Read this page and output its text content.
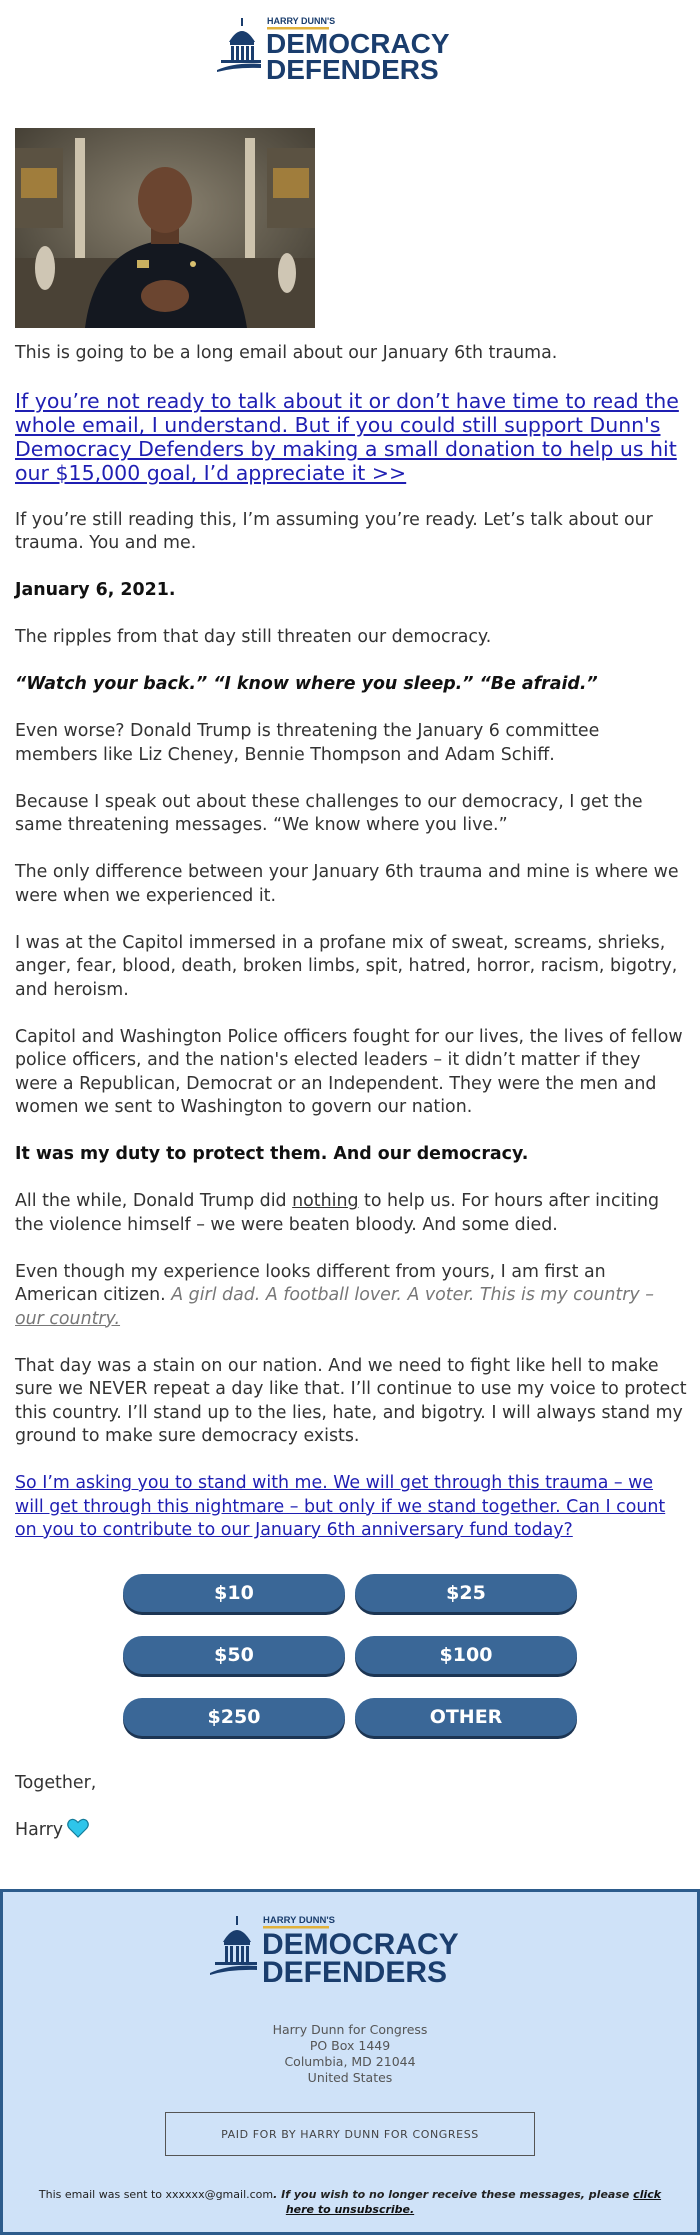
HARRY DUNN'S
DEMOCRACY
DEFENDERS

This is going to be a long email about our January 6th trauma.

If you’re not ready to talk about it or don’t have time to read the whole email, I understand. But if you could still support Dunn's Democracy Defenders by making a small donation to help us hit our $15,000 goal, I’d appreciate it >>

If you’re still reading this, I’m assuming you’re ready. Let’s talk about our trauma. You and me.

January 6, 2021.

The ripples from that day still threaten our democracy.

“Watch your back.” “I know where you sleep.” “Be afraid.”

Even worse? Donald Trump is threatening the January 6 committee members like Liz Cheney, Bennie Thompson and Adam Schiff.

Because I speak out about these challenges to our democracy, I get the same threatening messages. “We know where you live.”

The only difference between your January 6th trauma and mine is where we were when we experienced it.

I was at the Capitol immersed in a profane mix of sweat, screams, shrieks, anger, fear, blood, death, broken limbs, spit, hatred, horror, racism, bigotry, and heroism.

Capitol and Washington Police officers fought for our lives, the lives of fellow police officers, and the nation's elected leaders – it didn’t matter if they were a Republican, Democrat or an Independent. They were the men and women we sent to Washington to govern our nation.

It was my duty to protect them. And our democracy.

All the while, Donald Trump did nothing to help us. For hours after inciting the violence himself – we were beaten bloody. And some died.

Even though my experience looks different from yours, I am first an American citizen. A girl dad. A football lover. A voter. This is my country – our country.

That day was a stain on our nation. And we need to fight like hell to make sure we NEVER repeat a day like that. I’ll continue to use my voice to protect this country. I’ll stand up to the lies, hate, and bigotry. I will always stand my ground to make sure democracy exists.

So I’m asking you to stand with me. We will get through this trauma – we will get through this nightmare – but only if we stand together. Can I count on you to contribute to our January 6th anniversary fund today?

$10	$25
$50	$100
$250	OTHER
Together,
Harry
HARRY DUNN'S
DEMOCRACY
DEFENDERS
Harry Dunn for Congress
PO Box 1449
Columbia, MD 21044
United States
PAID FOR BY HARRY DUNN FOR CONGRESS
This email was sent to xxxxxx@gmail.com. If you wish to no longer receive these messages, please click here to unsubscribe.
